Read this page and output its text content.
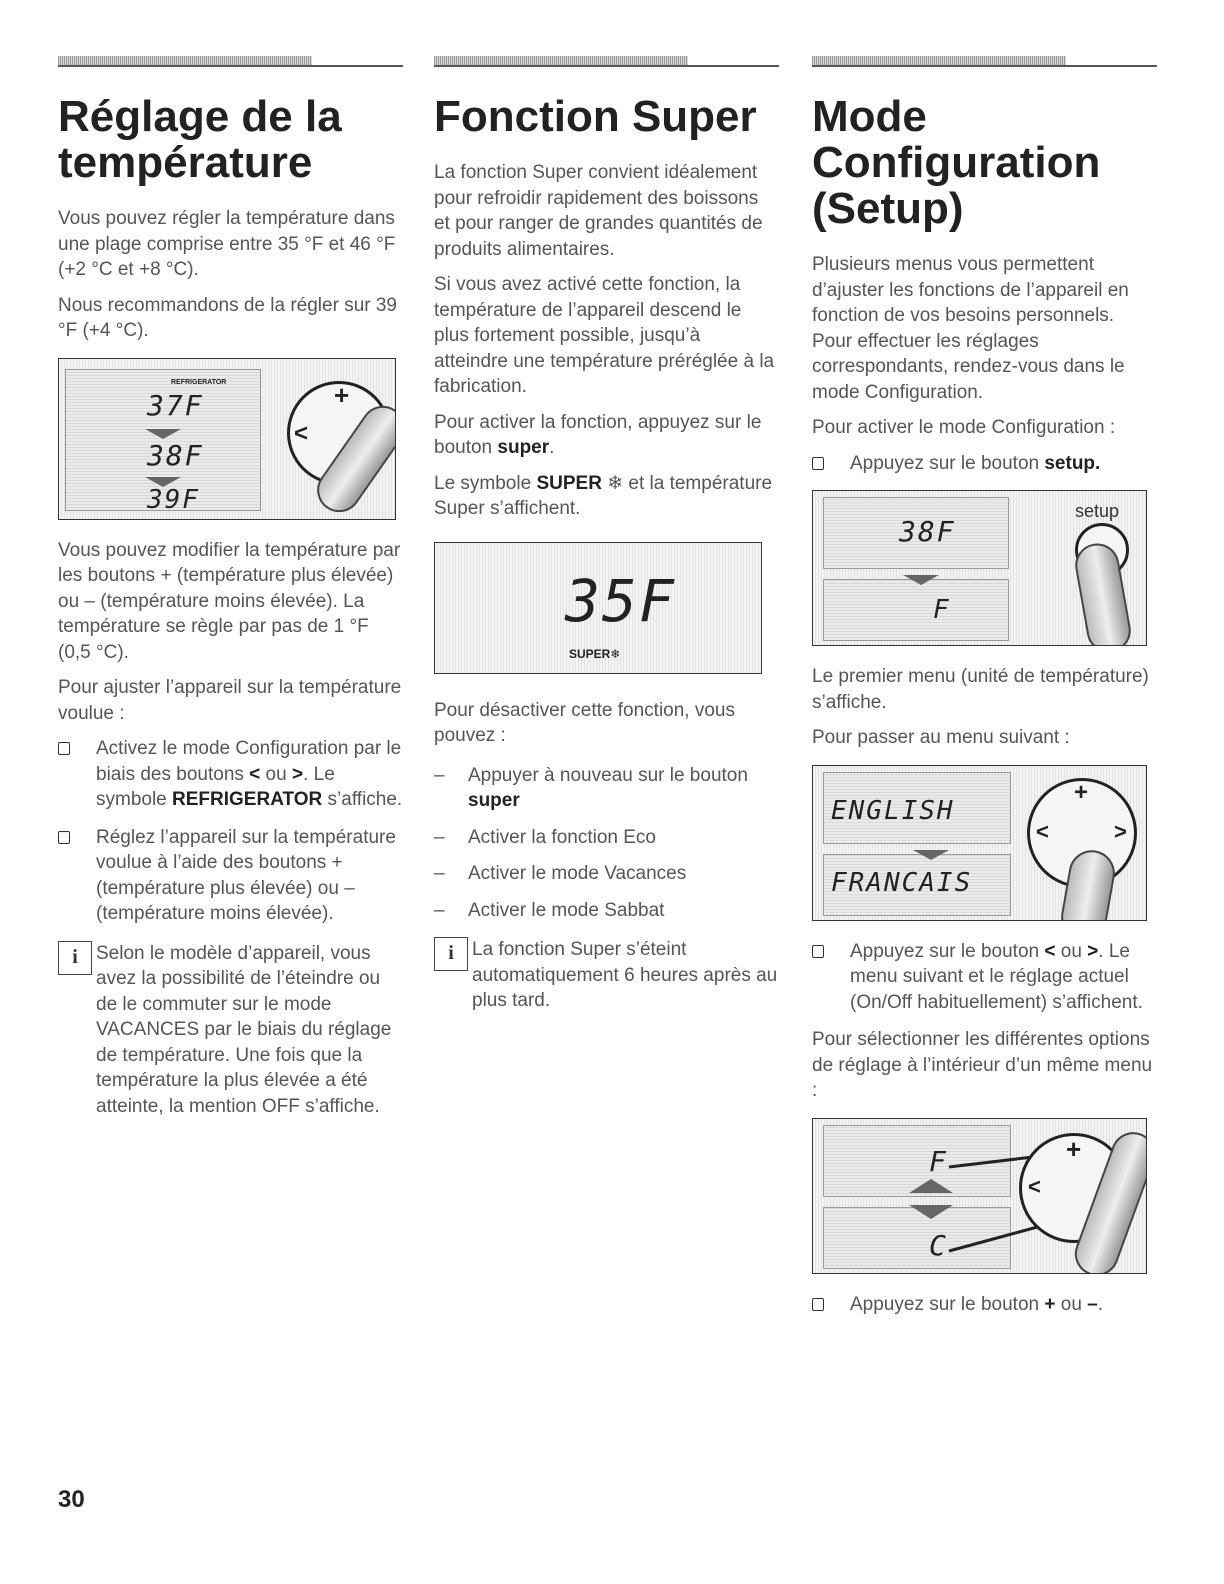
Réglage de la
température

Vous pouvez régler la température dans une plage comprise entre 35 °F et 46 °F (+2 °C et +8 °C).

Nous recommandons de la régler sur 39 °F (+4 °C).

REFRIGERATOR
37F
38F
39F
+
<

Vous pouvez modifier la température par les boutons + (température plus élevée) ou – (température moins élevée). La température se règle par pas de 1 °F (0,5 °C).

Pour ajuster l’appareil sur la température voulue :

Activez le mode Configuration par le biais des boutons < ou >. Le symbole REFRIGERATOR s’affiche.
Réglez l’appareil sur la température voulue à l’aide des boutons + (température plus élevée) ou – (température moins élevée).
i Selon le modèle d’appareil, vous avez la possibilité de l’éteindre ou de le commuter sur le mode VACANCES par le biais du réglage de température. Une fois que la température la plus élevée a été atteinte, la mention OFF s’affiche.
Fonction Super

La fonction Super convient idéalement pour refroidir rapidement des boissons et pour ranger de grandes quantités de produits alimentaires.

Si vous avez activé cette fonction, la température de l’appareil descend le plus fortement possible, jusqu’à atteindre une température préréglée à la fabrication.

Pour activer la fonction, appuyez sur le bouton super.

Le symbole SUPER ❄ et la température Super s’affichent.

35F
SUPER❄

Pour désactiver cette fonction, vous pouvez :

– Appuyer à nouveau sur le bouton super
– Activer la fonction Eco
– Activer le mode Vacances
– Activer le mode Sabbat
i La fonction Super s’éteint automatiquement 6 heures après au plus tard.
Mode
Configuration
(Setup)

Plusieurs menus vous permettent d’ajuster les fonctions de l’appareil en fonction de vos besoins personnels. Pour effectuer les réglages correspondants, rendez-vous dans le mode Configuration.

Pour activer le mode Configuration :

Appuyez sur le bouton setup.
38F
F
setup

Le premier menu (unité de température) s’affiche.

Pour passer au menu suivant :

ENGLISH
FRANCAIS
+
<	>
Appuyez sur le bouton < ou >. Le menu suivant et le réglage actuel (On/Off habituellement) s’affichent.

Pour sélectionner les différentes options de réglage à l’intérieur d’un même menu :

F
C
+
<
Appuyez sur le bouton + ou –.
30
